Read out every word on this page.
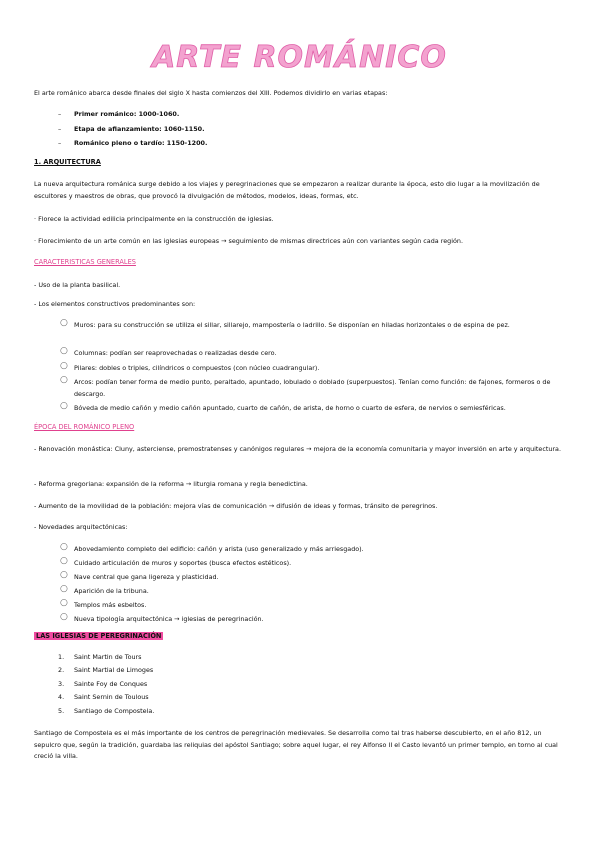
ARTE ROMÁNICO
El arte románico abarca desde finales del siglo X hasta comienzos del XIII. Podemos dividirlo en varias etapas:
– Primer románico: 1000-1060.
– Etapa de afianzamiento: 1060-1150.
– Románico pleno o tardío: 1150-1200.
1. ARQUITECTURA
La nueva arquitectura románica surge debido a los viajes y peregrinaciones que se empezaron a realizar durante la época, esto dio lugar a la movilización de escultores y maestros de obras, que provocó la divulgación de métodos, modelos, ideas, formas, etc.
· Florece la actividad edilicia principalmente en la construcción de iglesias.
· Florecimiento de un arte común en las iglesias europeas → seguimiento de mismas directrices aún con variantes según cada región.
CARACTERISTICAS GENERALES
- Uso de la planta basilical.
- Los elementos constructivos predominantes son:
○ Muros: para su construcción se utiliza el sillar, sillarejo, mampostería o ladrillo. Se disponían en hiladas horizontales o de espina de pez.
○ Columnas: podían ser reaprovechadas o realizadas desde cero.
○ Pilares: dobles o triples, cilíndricos o compuestos (con núcleo cuadrangular).
○ Arcos: podían tener forma de medio punto, peraltado, apuntado, lobulado o doblado (superpuestos). Tenían como función: de fajones, formeros o de descargo.
○ Bóveda de medio cañón y medio cañón apuntado, cuarto de cañón, de arista, de horno o cuarto de esfera, de nervios o semiesféricas.
ÉPOCA DEL ROMÁNICO PLENO
- Renovación monástica: Cluny, asterciense, premostratenses y canónigos regulares → mejora de la economía comunitaria y mayor inversión en arte y arquitectura.
- Reforma gregoriana: expansión de la reforma → liturgia romana y regla benedictina.
- Aumento de la movilidad de la población: mejora vías de comunicación → difusión de ideas y formas, tránsito de peregrinos.
- Novedades arquitectónicas:
○ Abovedamiento completo del edificio: cañón y arista (uso generalizado y más arriesgado).
○ Cuidado articulación de muros y soportes (busca efectos estéticos).
○ Nave central que gana ligereza y plasticidad.
○ Aparición de la tribuna.
○ Templos más esbeltos.
○ Nueva tipología arquitectónica → iglesias de peregrinación.
LAS IGLESIAS DE PEREGRINACIÓN
1. Saint Martin de Tours
2. Saint Martial de Limoges
3. Sainte Foy de Conques
4. Saint Sernin de Toulous
5. Santiago de Compostela.
Santiago de Compostela es el más importante de los centros de peregrinación medievales. Se desarrolla como tal tras haberse descubierto, en el año 812, un sepulcro que, según la tradición, guardaba las reliquias del apóstol Santiago; sobre aquel lugar, el rey Alfonso II el Casto levantó un primer templo, en torno al cual creció la villa.
